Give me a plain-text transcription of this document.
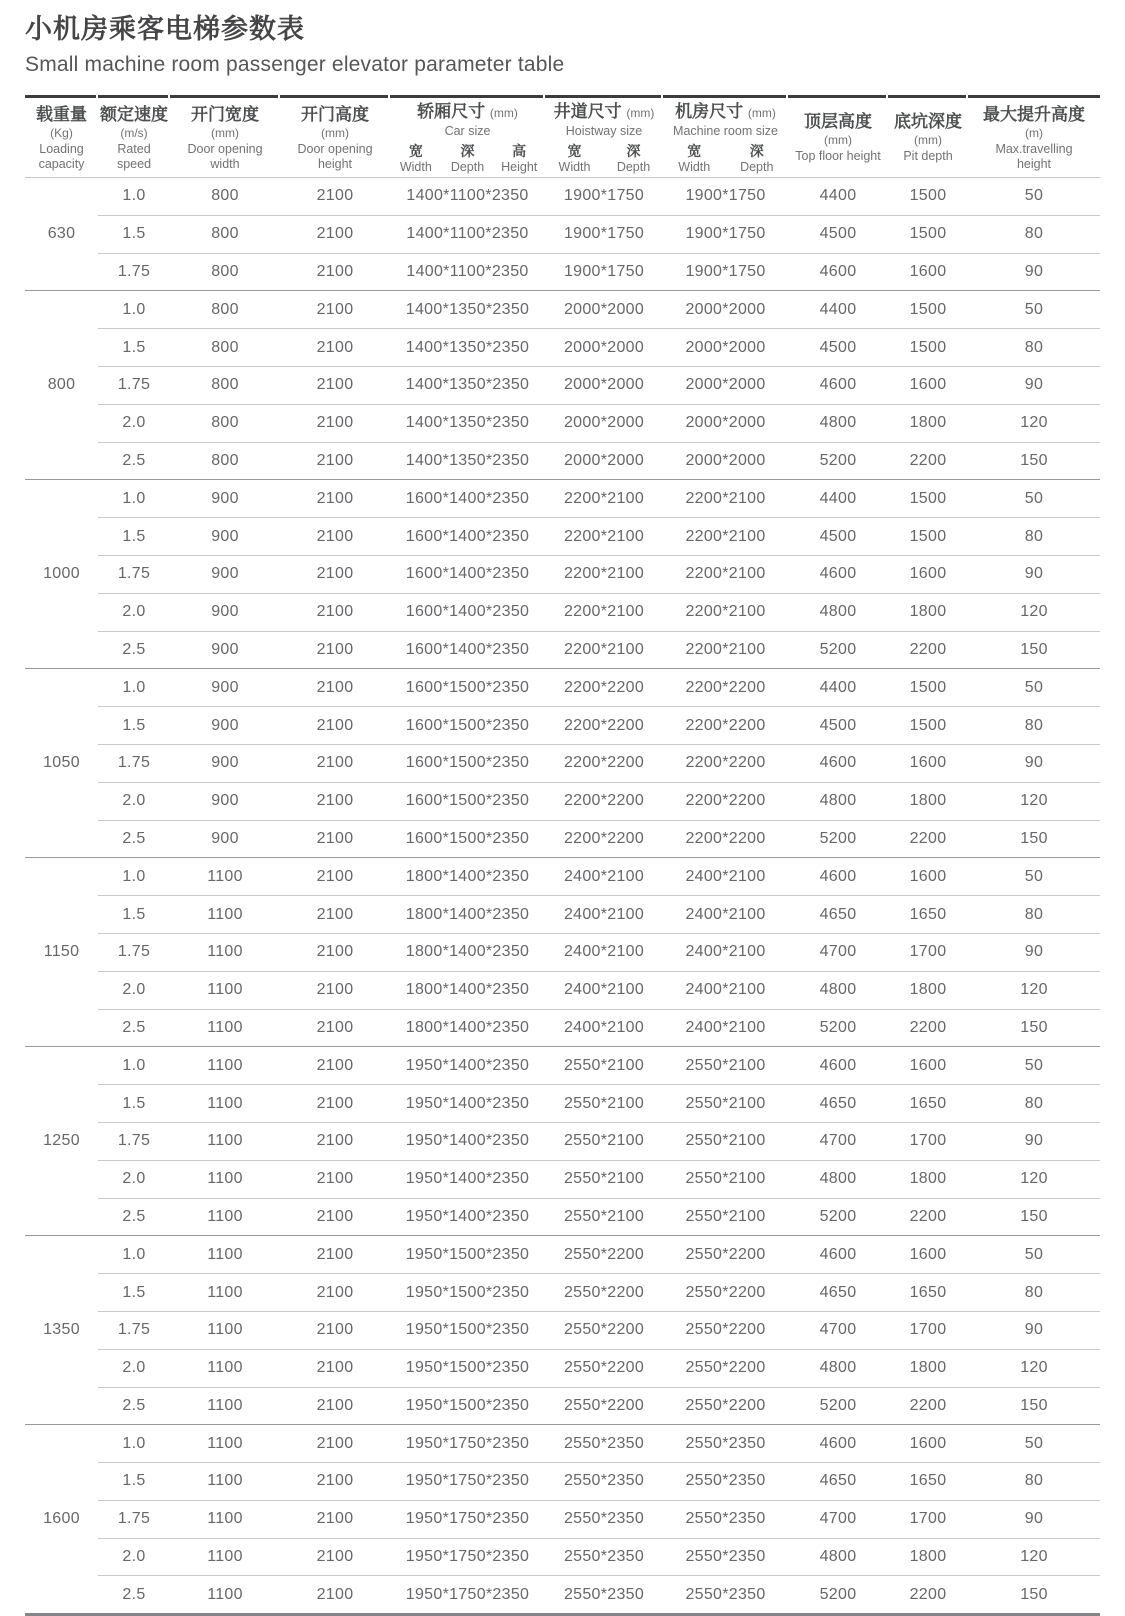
小机房乘客电梯参数表
Small machine room passenger elevator parameter table
载重量
(Kg)
Loading capacity

额定速度
(m/s)
Rated speed

开门宽度
(mm)
Door opening width

开门高度
(mm)
Door opening height

轿厢尺寸 (mm)
Car size
宽
Width
深
Depth
高
Height

井道尺寸 (mm)
Hoistway size
宽
Width
深
Depth

机房尺寸 (mm)
Machine room size
宽
Width
深
Depth

顶层高度
(mm)
Top floor height

底坑深度
(mm)
Pit depth

最大提升高度
(m)
Max.travelling height

630	1.0	800	2100	1400*1100*2350	1900*1750	1900*1750	4400	1500	50
	1.5	800	2100	1400*1100*2350	1900*1750	1900*1750	4500	1500	80
	1.75	800	2100	1400*1100*2350	1900*1750	1900*1750	4600	1600	90
800	1.0	800	2100	1400*1350*2350	2000*2000	2000*2000	4400	1500	50
	1.5	800	2100	1400*1350*2350	2000*2000	2000*2000	4500	1500	80
	1.75	800	2100	1400*1350*2350	2000*2000	2000*2000	4600	1600	90
	2.0	800	2100	1400*1350*2350	2000*2000	2000*2000	4800	1800	120
	2.5	800	2100	1400*1350*2350	2000*2000	2000*2000	5200	2200	150
1000	1.0	900	2100	1600*1400*2350	2200*2100	2200*2100	4400	1500	50
	1.5	900	2100	1600*1400*2350	2200*2100	2200*2100	4500	1500	80
	1.75	900	2100	1600*1400*2350	2200*2100	2200*2100	4600	1600	90
	2.0	900	2100	1600*1400*2350	2200*2100	2200*2100	4800	1800	120
	2.5	900	2100	1600*1400*2350	2200*2100	2200*2100	5200	2200	150
1050	1.0	900	2100	1600*1500*2350	2200*2200	2200*2200	4400	1500	50
	1.5	900	2100	1600*1500*2350	2200*2200	2200*2200	4500	1500	80
	1.75	900	2100	1600*1500*2350	2200*2200	2200*2200	4600	1600	90
	2.0	900	2100	1600*1500*2350	2200*2200	2200*2200	4800	1800	120
	2.5	900	2100	1600*1500*2350	2200*2200	2200*2200	5200	2200	150
1150	1.0	1100	2100	1800*1400*2350	2400*2100	2400*2100	4600	1600	50
	1.5	1100	2100	1800*1400*2350	2400*2100	2400*2100	4650	1650	80
	1.75	1100	2100	1800*1400*2350	2400*2100	2400*2100	4700	1700	90
	2.0	1100	2100	1800*1400*2350	2400*2100	2400*2100	4800	1800	120
	2.5	1100	2100	1800*1400*2350	2400*2100	2400*2100	5200	2200	150
1250	1.0	1100	2100	1950*1400*2350	2550*2100	2550*2100	4600	1600	50
	1.5	1100	2100	1950*1400*2350	2550*2100	2550*2100	4650	1650	80
	1.75	1100	2100	1950*1400*2350	2550*2100	2550*2100	4700	1700	90
	2.0	1100	2100	1950*1400*2350	2550*2100	2550*2100	4800	1800	120
	2.5	1100	2100	1950*1400*2350	2550*2100	2550*2100	5200	2200	150
1350	1.0	1100	2100	1950*1500*2350	2550*2200	2550*2200	4600	1600	50
	1.5	1100	2100	1950*1500*2350	2550*2200	2550*2200	4650	1650	80
	1.75	1100	2100	1950*1500*2350	2550*2200	2550*2200	4700	1700	90
	2.0	1100	2100	1950*1500*2350	2550*2200	2550*2200	4800	1800	120
	2.5	1100	2100	1950*1500*2350	2550*2200	2550*2200	5200	2200	150
1600	1.0	1100	2100	1950*1750*2350	2550*2350	2550*2350	4600	1600	50
	1.5	1100	2100	1950*1750*2350	2550*2350	2550*2350	4650	1650	80
	1.75	1100	2100	1950*1750*2350	2550*2350	2550*2350	4700	1700	90
	2.0	1100	2100	1950*1750*2350	2550*2350	2550*2350	4800	1800	120
	2.5	1100	2100	1950*1750*2350	2550*2350	2550*2350	5200	2200	150
